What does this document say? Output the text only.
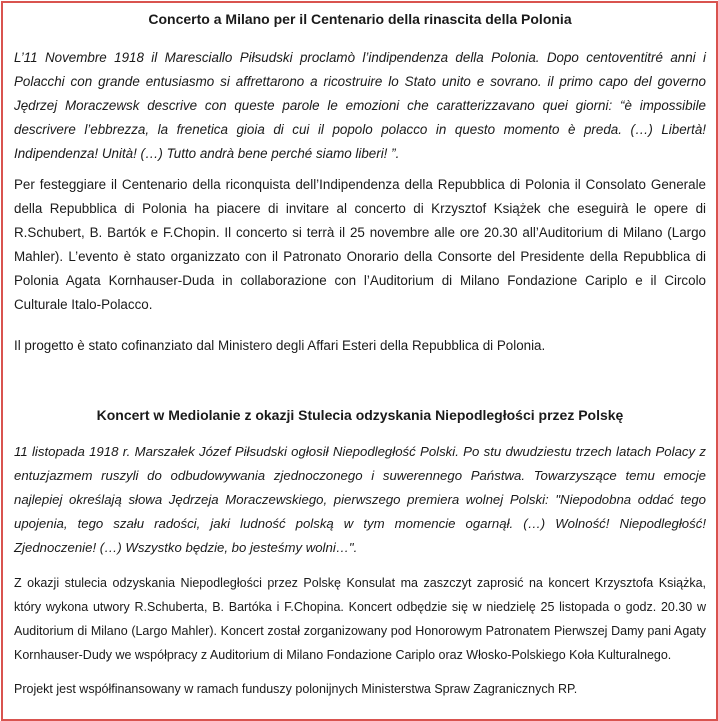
Concerto a Milano per il Centenario della rinascita della Polonia

L’11 Novembre 1918 il Maresciallo Piłsudski proclamò l’indipendenza della Polonia. Dopo centoventitré anni i Polacchi con grande entusiasmo si affrettarono a ricostruire lo Stato unito e sovrano. il primo capo del governo Jędrzej Moraczewsk descrive con queste parole le emozioni che caratterizzavano quei giorni: “è impossibile descrivere l’ebbrezza, la frenetica gioia di cui il popolo polacco in questo momento è preda. (…) Libertà! Indipendenza! Unità! (…) Tutto andrà bene perché siamo liberi! ”.

Per festeggiare il Centenario della riconquista dell’Indipendenza della Repubblica di Polonia il Consolato Generale della Repubblica di Polonia ha piacere di invitare al concerto di Krzysztof Książek che eseguirà le opere di R.Schubert, B. Bartók e F.Chopin. Il concerto si terrà il 25 novembre alle ore 20.30 all’Auditorium di Milano (Largo Mahler). L’evento è stato organizzato con il Patronato Onorario della Consorte del Presidente della Repubblica di Polonia Agata Kornhauser-Duda in collaborazione con l’Auditorium di Milano Fondazione Cariplo e il Circolo Culturale Italo-Polacco.

Il progetto è stato cofinanziato dal Ministero degli Affari Esteri della Repubblica di Polonia.

Koncert w Mediolanie z okazji Stulecia odzyskania Niepodległości przez Polskę

11 listopada 1918 r. Marszałek Józef Piłsudski ogłosił Niepodległość Polski. Po stu dwudziestu trzech latach Polacy z entuzjazmem ruszyli do odbudowywania zjednoczonego i suwerennego Państwa. Towarzyszące temu emocje najlepiej określają słowa Jędrzeja Moraczewskiego, pierwszego premiera wolnej Polski: "Niepodobna oddać tego upojenia, tego szału radości, jaki ludność polską w tym momencie ogarnął. (…) Wolność! Niepodległość! Zjednoczenie! (…) Wszystko będzie, bo jesteśmy wolni…".

Z okazji stulecia odzyskania Niepodległości przez Polskę Konsulat ma zaszczyt zaprosić na koncert Krzysztofa Książka, który wykona utwory R.Schuberta, B. Bartóka i F.Chopina. Koncert odbędzie się w niedzielę 25 listopada o godz. 20.30 w Auditorium di Milano (Largo Mahler). Koncert został zorganizowany pod Honorowym Patronatem Pierwszej Damy pani Agaty Kornhauser-Dudy we współpracy z Auditorium di Milano Fondazione Cariplo oraz Włosko-Polskiego Koła Kulturalnego.

Projekt jest współfinansowany w ramach funduszy polonijnych Ministerstwa Spraw Zagranicznych RP.
